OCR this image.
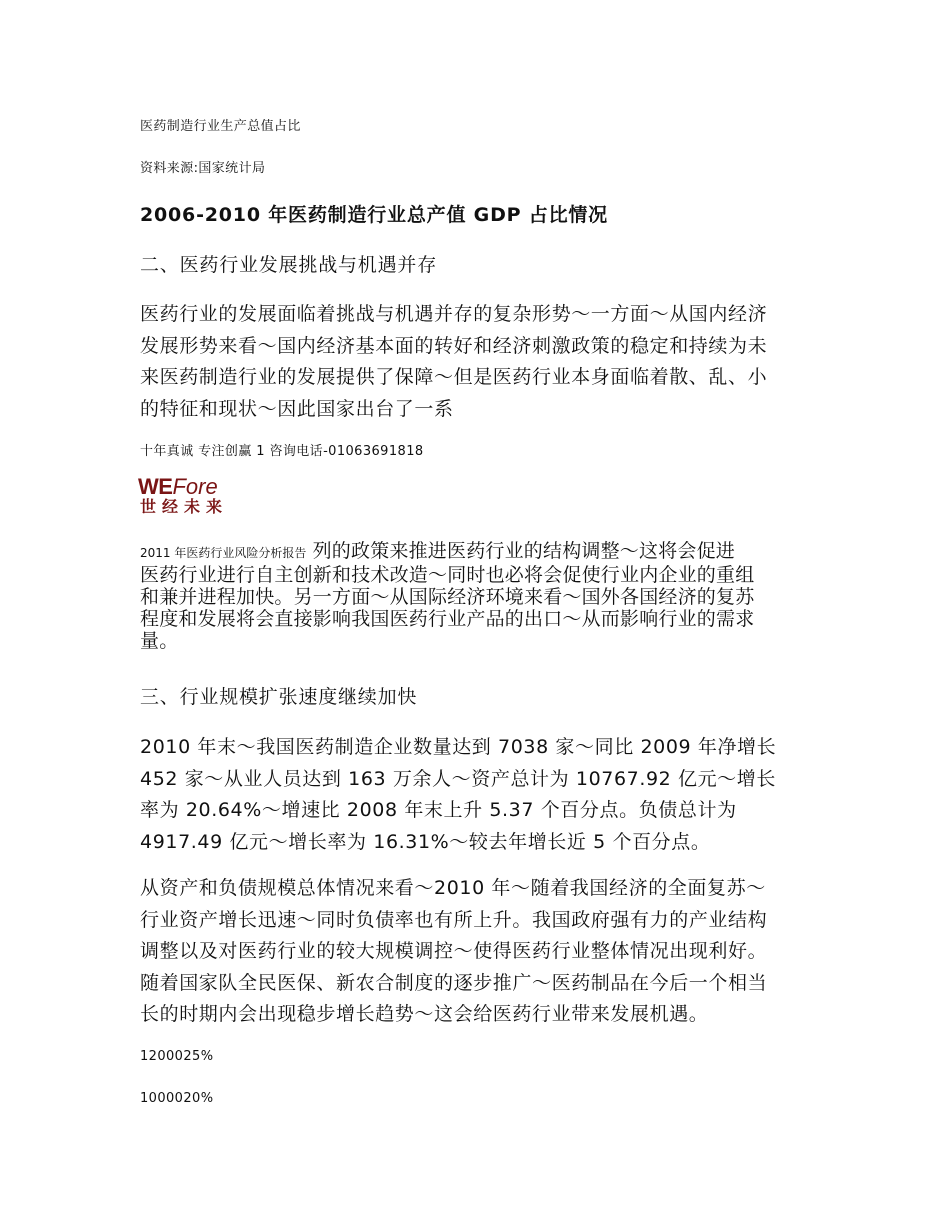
医药制造行业生产总值占比
资料来源:国家统计局
2006-2010 年医药制造行业总产值 GDP 占比情况
二、医药行业发展挑战与机遇并存
医药行业的发展面临着挑战与机遇并存的复杂形势～一方面～从国内经济
发展形势来看～国内经济基本面的转好和经济刺激政策的稳定和持续为未
来医药制造行业的发展提供了保障～但是医药行业本身面临着散、乱、小
的特征和现状～因此国家出台了一系
十年真诚 专注创赢 1 咨询电话-01063691818
WEFore
世经未来
2011 年医药行业风险分析报告 列的政策来推进医药行业的结构调整～这将会促进
医药行业进行自主创新和技术改造～同时也必将会促使行业内企业的重组
和兼并进程加快。另一方面～从国际经济环境来看～国外各国经济的复苏
程度和发展将会直接影响我国医药行业产品的出口～从而影响行业的需求
量。
三、行业规模扩张速度继续加快
2010 年末～我国医药制造企业数量达到 7038 家～同比 2009 年净增长
452 家～从业人员达到 163 万余人～资产总计为 10767.92 亿元～增长
率为 20.64%～增速比 2008 年末上升 5.37 个百分点。负债总计为
4917.49 亿元～增长率为 16.31%～较去年增长近 5 个百分点。
从资产和负债规模总体情况来看～2010 年～随着我国经济的全面复苏～
行业资产增长迅速～同时负债率也有所上升。我国政府强有力的产业结构
调整以及对医药行业的较大规模调控～使得医药行业整体情况出现利好。
随着国家队全民医保、新农合制度的逐步推广～医药制品在今后一个相当
长的时期内会出现稳步增长趋势～这会给医药行业带来发展机遇。
1200025%
1000020%
